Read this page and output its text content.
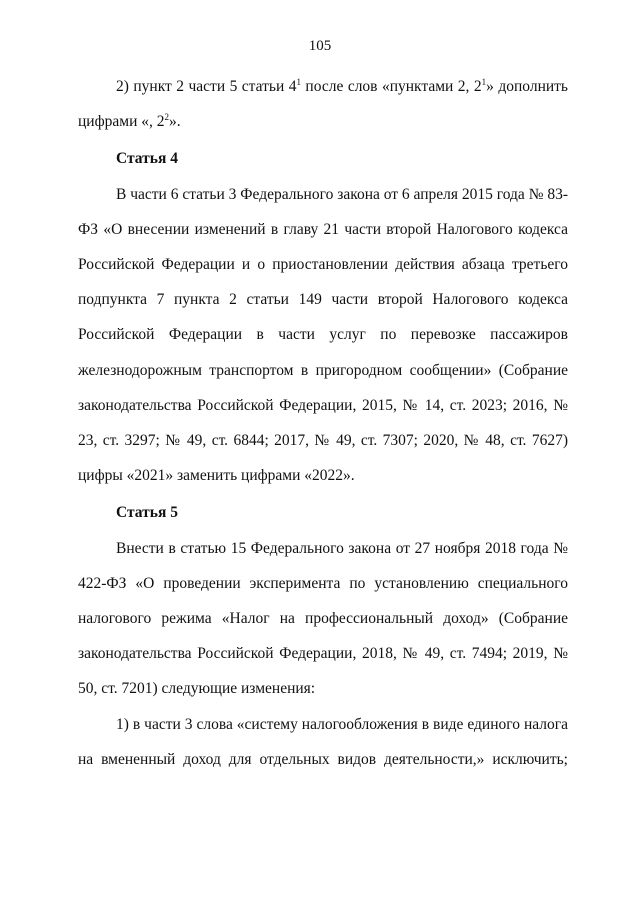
105

2) пункт 2 части 5 статьи $4^1$ после слов «пунктами 2, $2^1$» дополнить цифрами «, $2^2$».

Статья 4

В части 6 статьи 3 Федерального закона от 6 апреля 2015 года № 83-ФЗ «О внесении изменений в главу 21 части второй Налогового кодекса Российской Федерации и о приостановлении действия абзаца третьего подпункта 7 пункта 2 статьи 149 части второй Налогового кодекса Российской Федерации в части услуг по перевозке пассажиров железнодорожным транспортом в пригородном сообщении» (Собрание законодательства Российской Федерации, 2015, № 14, ст. 2023; 2016, № 23, ст. 3297; № 49, ст. 6844; 2017, № 49, ст. 7307; 2020, № 48, ст. 7627) цифры «2021» заменить цифрами «2022».

Статья 5

Внести в статью 15 Федерального закона от 27 ноября 2018 года № 422-ФЗ «О проведении эксперимента по установлению специального налогового режима «Налог на профессиональный доход» (Собрание законодательства Российской Федерации, 2018, № 49, ст. 7494; 2019, № 50, ст. 7201) следующие изменения:

1) в части 3 слова «систему налогообложения в виде единого налога на вмененный доход для отдельных видов деятельности,» исключить;
